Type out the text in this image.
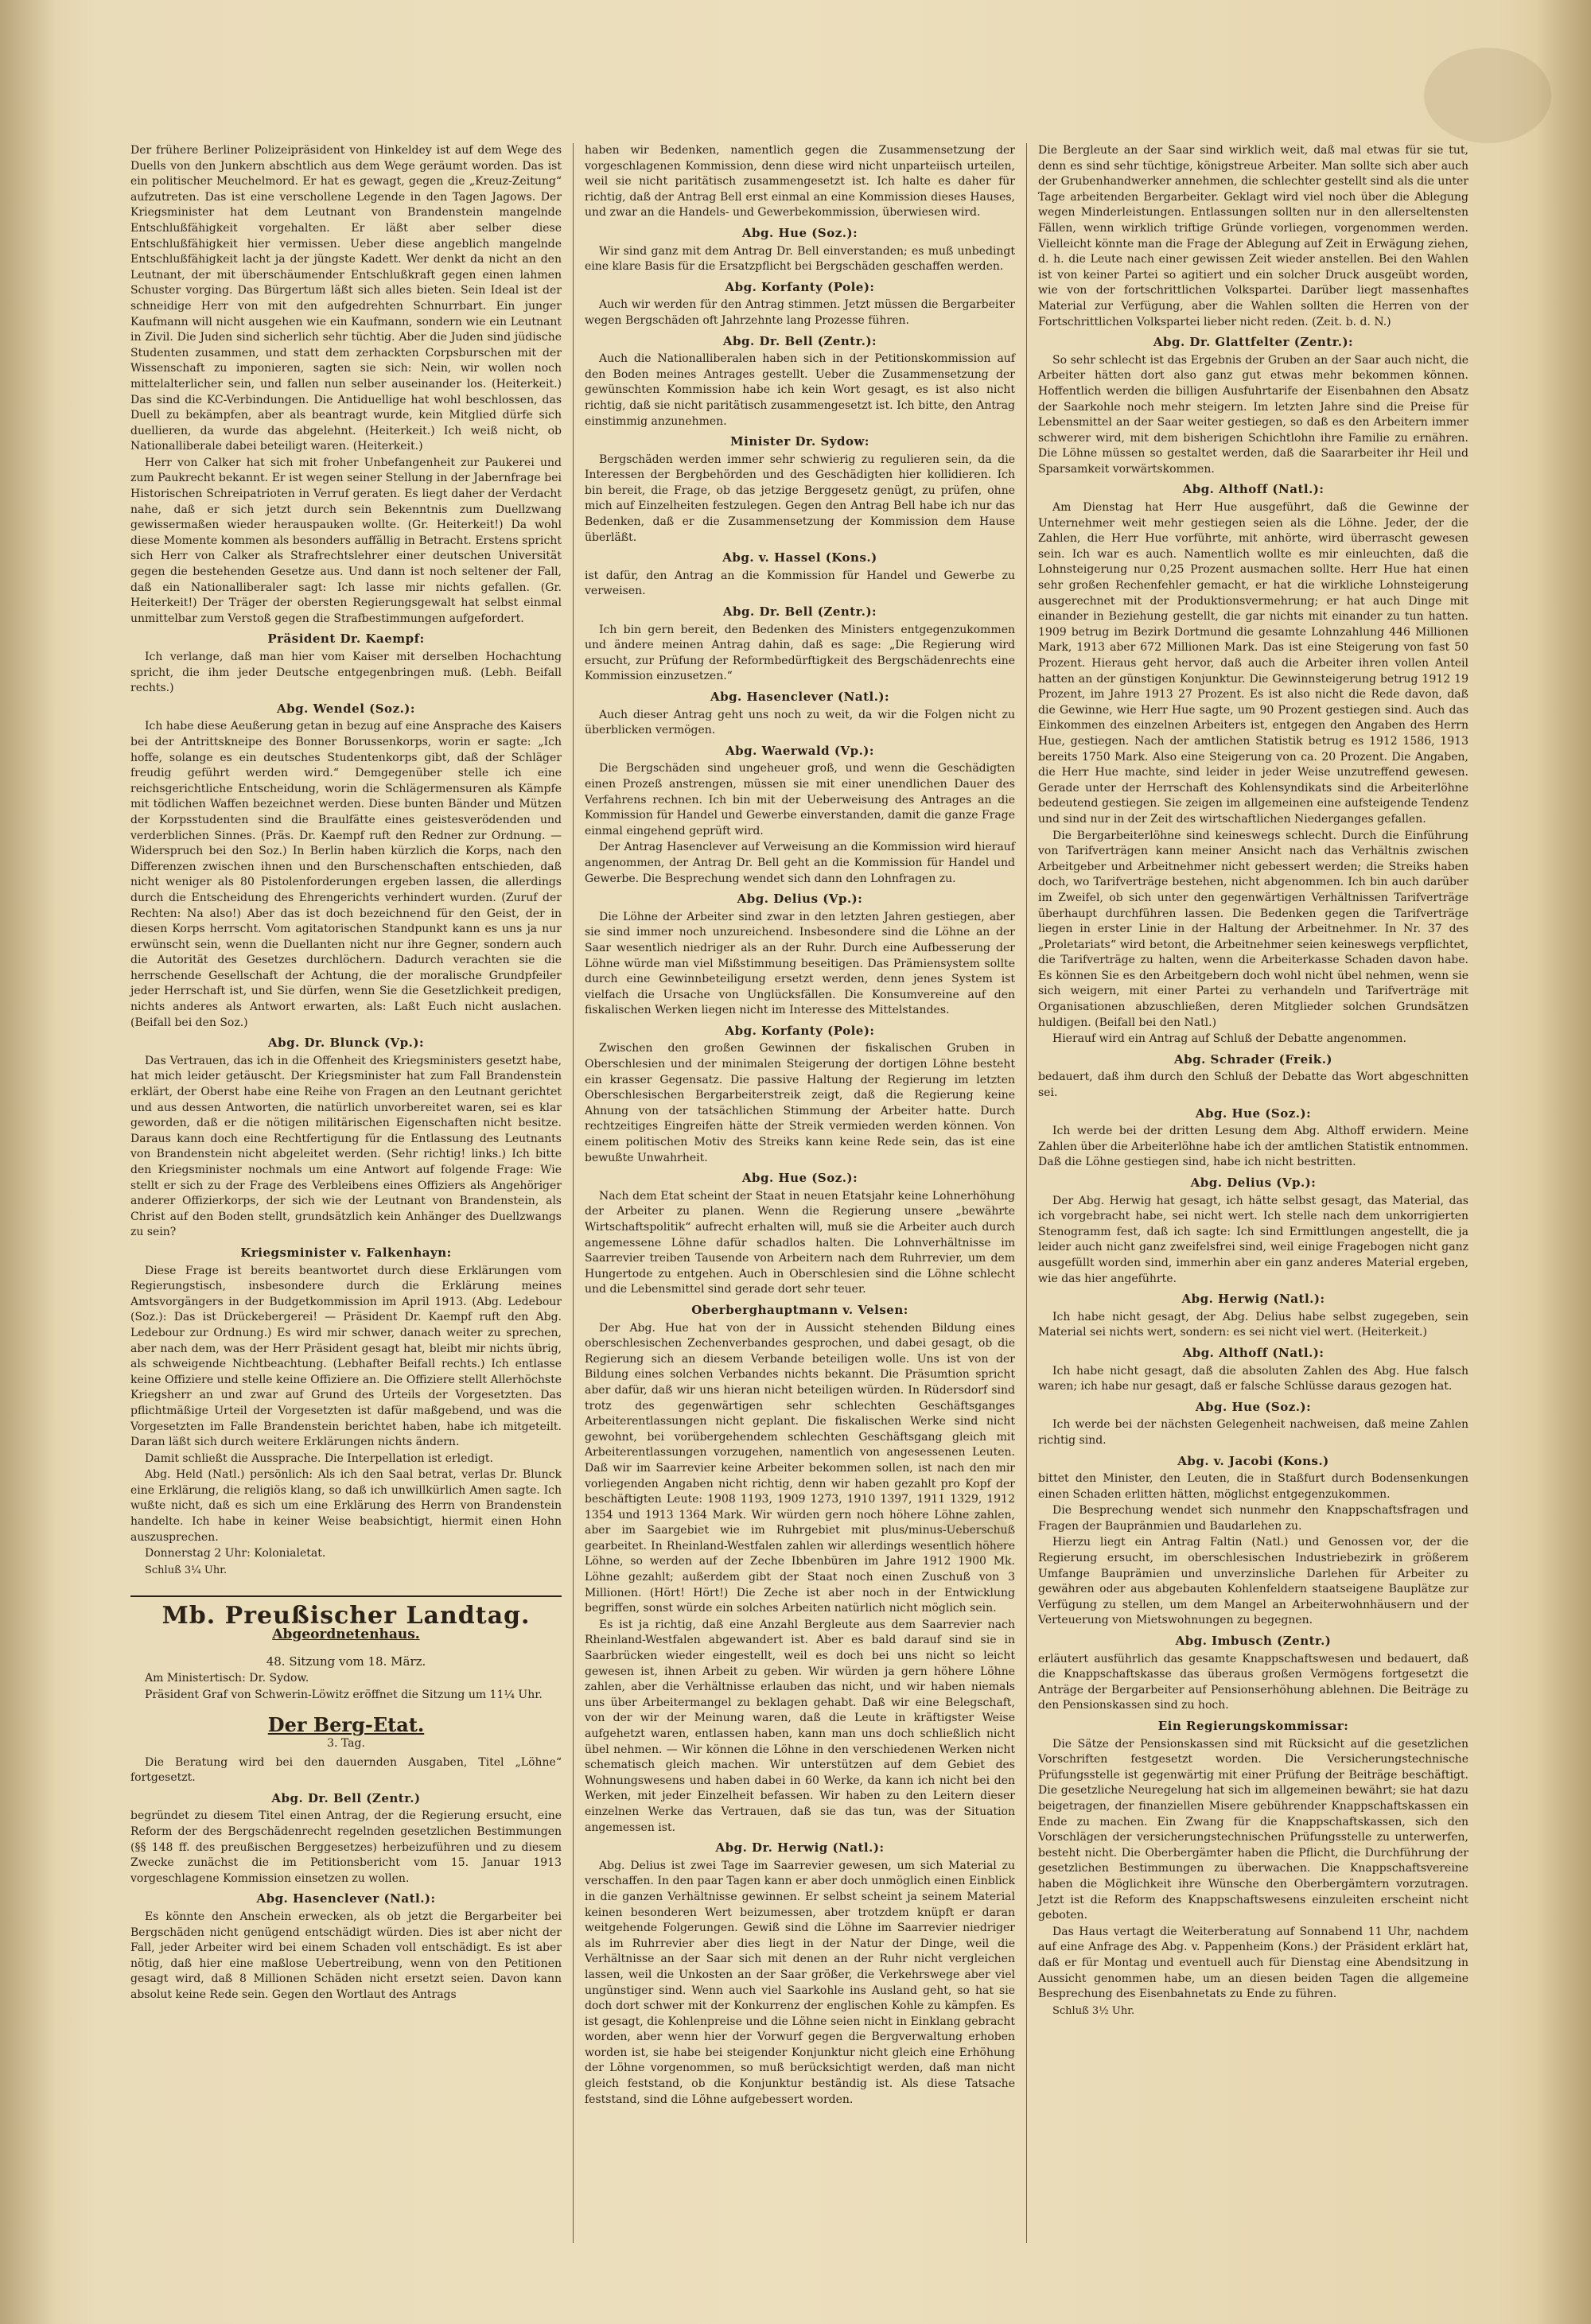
Der frühere Berliner Polizeipräsident von Hinkeldey ist auf dem Wege des Duells von den Junkern abschtlich aus dem Wege geräumt worden. Das ist ein politischer Meuchelmord. Er hat es gewagt, gegen die „Kreuz-Zeitung“ aufzutreten. Das ist eine verschollene Legende in den Tagen Jagows. Der Kriegsminister hat dem Leutnant von Brandenstein mangelnde Entschlußfähigkeit vorgehalten. Er läßt aber selber diese Entschlußfähigkeit hier vermissen. Ueber diese angeblich mangelnde Entschlußfähigkeit lacht ja der jüngste Kadett. Wer denkt da nicht an den Leutnant, der mit überschäumender Entschlußkraft gegen einen lahmen Schuster vorging. Das Bürgertum läßt sich alles bieten. Sein Ideal ist der schneidige Herr von mit den aufgedrehten Schnurrbart. Ein junger Kaufmann will nicht ausgehen wie ein Kaufmann, sondern wie ein Leutnant in Zivil. Die Juden sind sicherlich sehr tüchtig. Aber die Juden sind jüdische Studenten zusammen, und statt dem zerhackten Corpsburschen mit der Wissenschaft zu imponieren, sagten sie sich: Nein, wir wollen noch mittelalterlicher sein, und fallen nun selber auseinander los. (Heiterkeit.) Das sind die KC-Verbindungen. Die Antiduellige hat wohl beschlossen, das Duell zu bekämpfen, aber als beantragt wurde, kein Mitglied dürfe sich duellieren, da wurde das abgelehnt. (Heiterkeit.) Ich weiß nicht, ob Nationalliberale dabei beteiligt waren. (Heiterkeit.)

Herr von Calker hat sich mit froher Unbefangenheit zur Paukerei und zum Paukrecht bekannt. Er ist wegen seiner Stellung in der Jabernfrage bei Historischen Schreipatrioten in Verruf geraten. Es liegt daher der Verdacht nahe, daß er sich jetzt durch sein Bekenntnis zum Duellzwang gewissermaßen wieder herauspauken wollte. (Gr. Heiterkeit!) Da wohl diese Momente kommen als besonders auffällig in Betracht. Erstens spricht sich Herr von Calker als Strafrechtslehrer einer deutschen Universität gegen die bestehenden Gesetze aus. Und dann ist noch seltener der Fall, daß ein Nationalliberaler sagt: Ich lasse mir nichts gefallen. (Gr. Heiterkeit!) Der Träger der obersten Regierungsgewalt hat selbst einmal unmittelbar zum Verstoß gegen die Strafbestimmungen aufgefordert.

Präsident Dr. Kaempf:

Ich verlange, daß man hier vom Kaiser mit derselben Hochachtung spricht, die ihm jeder Deutsche entgegenbringen muß. (Lebh. Beifall rechts.)

Abg. Wendel (Soz.):

Ich habe diese Aeußerung getan in bezug auf eine Ansprache des Kaisers bei der Antrittskneipe des Bonner Borussenkorps, worin er sagte: „Ich hoffe, solange es ein deutsches Studentenkorps gibt, daß der Schläger freudig geführt werden wird.“ Demgegenüber stelle ich eine reichsgerichtliche Entscheidung, worin die Schlägermensuren als Kämpfe mit tödlichen Waffen bezeichnet werden. Diese bunten Bänder und Mützen der Korpsstudenten sind die Braulfätte eines geistesverödenden und verderblichen Sinnes. (Präs. Dr. Kaempf ruft den Redner zur Ordnung. — Widerspruch bei den Soz.) In Berlin haben kürzlich die Korps, nach den Differenzen zwischen ihnen und den Burschenschaften entschieden, daß nicht weniger als 80 Pistolenforderungen ergeben lassen, die allerdings durch die Entscheidung des Ehrengerichts verhindert wurden. (Zuruf der Rechten: Na also!) Aber das ist doch bezeichnend für den Geist, der in diesen Korps herrscht. Vom agitatorischen Standpunkt kann es uns ja nur erwünscht sein, wenn die Duellanten nicht nur ihre Gegner, sondern auch die Autorität des Gesetzes durchlöchern. Dadurch verachten sie die herrschende Gesellschaft der Achtung, die der moralische Grundpfeiler jeder Herrschaft ist, und Sie dürfen, wenn Sie die Gesetzlichkeit predigen, nichts anderes als Antwort erwarten, als: Laßt Euch nicht auslachen. (Beifall bei den Soz.)

Abg. Dr. Blunck (Vp.):

Das Vertrauen, das ich in die Offenheit des Kriegsministers gesetzt habe, hat mich leider getäuscht. Der Kriegsminister hat zum Fall Brandenstein erklärt, der Oberst habe eine Reihe von Fragen an den Leutnant gerichtet und aus dessen Antworten, die natürlich unvorbereitet waren, sei es klar geworden, daß er die nötigen militärischen Eigenschaften nicht besitze. Daraus kann doch eine Rechtfertigung für die Entlassung des Leutnants von Brandenstein nicht abgeleitet werden. (Sehr richtig! links.) Ich bitte den Kriegsminister nochmals um eine Antwort auf folgende Frage: Wie stellt er sich zu der Frage des Verbleibens eines Offiziers als Angehöriger anderer Offizierkorps, der sich wie der Leutnant von Brandenstein, als Christ auf den Boden stellt, grundsätzlich kein Anhänger des Duellzwangs zu sein?

Kriegsminister v. Falkenhayn:

Diese Frage ist bereits beantwortet durch diese Erklärungen vom Regierungstisch, insbesondere durch die Erklärung meines Amtsvorgängers in der Budgetkommission im April 1913. (Abg. Ledebour (Soz.): Das ist Drückebergerei! — Präsident Dr. Kaempf ruft den Abg. Ledebour zur Ordnung.) Es wird mir schwer, danach weiter zu sprechen, aber nach dem, was der Herr Präsident gesagt hat, bleibt mir nichts übrig, als schweigende Nichtbeachtung. (Lebhafter Beifall rechts.) Ich entlasse keine Offiziere und stelle keine Offiziere an. Die Offiziere stellt Allerhöchste Kriegsherr an und zwar auf Grund des Urteils der Vorgesetzten. Das pflichtmäßige Urteil der Vorgesetzten ist dafür maßgebend, und was die Vorgesetzten im Falle Brandenstein berichtet haben, habe ich mitgeteilt. Daran läßt sich durch weitere Erklärungen nichts ändern.

Damit schließt die Aussprache. Die Interpellation ist erledigt.

Abg. Held (Natl.) persönlich: Als ich den Saal betrat, verlas Dr. Blunck eine Erklärung, die religiös klang, so daß ich unwillkürlich Amen sagte. Ich wußte nicht, daß es sich um eine Erklärung des Herrn von Brandenstein handelte. Ich habe in keiner Weise beabsichtigt, hiermit einen Hohn auszusprechen.

Donnerstag 2 Uhr: Kolonialetat.

Schluß 3¼ Uhr.

Mb. Preußischer Landtag.
Abgeordnetenhaus.
48. Sitzung vom 18. März.

Am Ministertisch: Dr. Sydow.

Präsident Graf von Schwerin-Löwitz eröffnet die Sitzung um 11¼ Uhr.

Der Berg-Etat.
3. Tag.

Die Beratung wird bei den dauernden Ausgaben, Titel „Löhne“ fortgesetzt.

Abg. Dr. Bell (Zentr.)

begründet zu diesem Titel einen Antrag, der die Regierung ersucht, eine Reform der des Bergschädenrecht regelnden gesetzlichen Bestimmungen (§§ 148 ff. des preußischen Berggesetzes) herbeizuführen und zu diesem Zwecke zunächst die im Petitionsbericht vom 15. Januar 1913 vorgeschlagene Kommission einsetzen zu wollen.

Abg. Hasenclever (Natl.):

Es könnte den Anschein erwecken, als ob jetzt die Bergarbeiter bei Bergschäden nicht genügend entschädigt würden. Dies ist aber nicht der Fall, jeder Arbeiter wird bei einem Schaden voll entschädigt. Es ist aber nötig, daß hier eine maßlose Uebertreibung, wenn von den Petitionen gesagt wird, daß 8 Millionen Schäden nicht ersetzt seien. Davon kann absolut keine Rede sein. Gegen den Wortlaut des Antrags

haben wir Bedenken, namentlich gegen die Zusammensetzung der vorgeschlagenen Kommission, denn diese wird nicht unparteiisch urteilen, weil sie nicht paritätisch zusammengesetzt ist. Ich halte es daher für richtig, daß der Antrag Bell erst einmal an eine Kommission dieses Hauses, und zwar an die Handels- und Gewerbekommission, überwiesen wird.

Abg. Hue (Soz.):

Wir sind ganz mit dem Antrag Dr. Bell einverstanden; es muß unbedingt eine klare Basis für die Ersatzpflicht bei Bergschäden geschaffen werden.

Abg. Korfanty (Pole):

Auch wir werden für den Antrag stimmen. Jetzt müssen die Bergarbeiter wegen Bergschäden oft Jahrzehnte lang Prozesse führen.

Abg. Dr. Bell (Zentr.):

Auch die Nationalliberalen haben sich in der Petitionskommission auf den Boden meines Antrages gestellt. Ueber die Zusammensetzung der gewünschten Kommission habe ich kein Wort gesagt, es ist also nicht richtig, daß sie nicht paritätisch zusammengesetzt ist. Ich bitte, den Antrag einstimmig anzunehmen.

Minister Dr. Sydow:

Bergschäden werden immer sehr schwierig zu regulieren sein, da die Interessen der Bergbehörden und des Geschädigten hier kollidieren. Ich bin bereit, die Frage, ob das jetzige Berggesetz genügt, zu prüfen, ohne mich auf Einzelheiten festzulegen. Gegen den Antrag Bell habe ich nur das Bedenken, daß er die Zusammensetzung der Kommission dem Hause überläßt.

Abg. v. Hassel (Kons.)

ist dafür, den Antrag an die Kommission für Handel und Gewerbe zu verweisen.

Abg. Dr. Bell (Zentr.):

Ich bin gern bereit, den Bedenken des Ministers entgegenzukommen und ändere meinen Antrag dahin, daß es sage: „Die Regierung wird ersucht, zur Prüfung der Reformbedürftigkeit des Bergschädenrechts eine Kommission einzusetzen.“

Abg. Hasenclever (Natl.):

Auch dieser Antrag geht uns noch zu weit, da wir die Folgen nicht zu überblicken vermögen.

Abg. Waerwald (Vp.):

Die Bergschäden sind ungeheuer groß, und wenn die Geschädigten einen Prozeß anstrengen, müssen sie mit einer unendlichen Dauer des Verfahrens rechnen. Ich bin mit der Ueberweisung des Antrages an die Kommission für Handel und Gewerbe einverstanden, damit die ganze Frage einmal eingehend geprüft wird.

Der Antrag Hasenclever auf Verweisung an die Kommission wird hierauf angenommen, der Antrag Dr. Bell geht an die Kommission für Handel und Gewerbe. Die Besprechung wendet sich dann den Lohnfragen zu.

Abg. Delius (Vp.):

Die Löhne der Arbeiter sind zwar in den letzten Jahren gestiegen, aber sie sind immer noch unzureichend. Insbesondere sind die Löhne an der Saar wesentlich niedriger als an der Ruhr. Durch eine Aufbesserung der Löhne würde man viel Mißstimmung beseitigen. Das Prämiensystem sollte durch eine Gewinnbeteiligung ersetzt werden, denn jenes System ist vielfach die Ursache von Unglücksfällen. Die Konsumvereine auf den fiskalischen Werken liegen nicht im Interesse des Mittelstandes.

Abg. Korfanty (Pole):

Zwischen den großen Gewinnen der fiskalischen Gruben in Oberschlesien und der minimalen Steigerung der dortigen Löhne besteht ein krasser Gegensatz. Die passive Haltung der Regierung im letzten Oberschlesischen Bergarbeiterstreik zeigt, daß die Regierung keine Ahnung von der tatsächlichen Stimmung der Arbeiter hatte. Durch rechtzeitiges Eingreifen hätte der Streik vermieden werden können. Von einem politischen Motiv des Streiks kann keine Rede sein, das ist eine bewußte Unwahrheit.

Abg. Hue (Soz.):

Nach dem Etat scheint der Staat in neuen Etatsjahr keine Lohnerhöhung der Arbeiter zu planen. Wenn die Regierung unsere „bewährte Wirtschaftspolitik“ aufrecht erhalten will, muß sie die Arbeiter auch durch angemessene Löhne dafür schadlos halten. Die Lohnverhältnisse im Saarrevier treiben Tausende von Arbeitern nach dem Ruhrrevier, um dem Hungertode zu entgehen. Auch in Oberschlesien sind die Löhne schlecht und die Lebensmittel sind gerade dort sehr teuer.

Oberberghauptmann v. Velsen:

Der Abg. Hue hat von der in Aussicht stehenden Bildung eines oberschlesischen Zechenverbandes gesprochen, und dabei gesagt, ob die Regierung sich an diesem Verbande beteiligen wolle. Uns ist von der Bildung eines solchen Verbandes nichts bekannt. Die Präsumtion spricht aber dafür, daß wir uns hieran nicht beteiligen würden. In Rüdersdorf sind trotz des gegenwärtigen sehr schlechten Geschäftsganges Arbeiterentlassungen nicht geplant. Die fiskalischen Werke sind nicht gewohnt, bei vorübergehendem schlechten Geschäftsgang gleich mit Arbeiterentlassungen vorzugehen, namentlich von angesessenen Leuten. Daß wir im Saarrevier keine Arbeiter bekommen sollen, ist nach den mir vorliegenden Angaben nicht richtig, denn wir haben gezahlt pro Kopf der beschäftigten Leute: 1908 1193, 1909 1273, 1910 1397, 1911 1329, 1912 1354 und 1913 1364 Mark. Wir würden gern noch höhere Löhne zahlen, aber im Saargebiet wie im Ruhrgebiet mit plus/minus-Ueberschuß gearbeitet. In Rheinland-Westfalen zahlen wir allerdings wesentlich höhere Löhne, so werden auf der Zeche Ibbenbüren im Jahre 1912 1900 Mk. Löhne gezahlt; außerdem gibt der Staat noch einen Zuschuß von 3 Millionen. (Hört! Hört!) Die Zeche ist aber noch in der Entwicklung begriffen, sonst würde ein solches Arbeiten natürlich nicht möglich sein.

Es ist ja richtig, daß eine Anzahl Bergleute aus dem Saarrevier nach Rheinland-Westfalen abgewandert ist. Aber es bald darauf sind sie in Saarbrücken wieder eingestellt, weil es doch bei uns nicht so leicht gewesen ist, ihnen Arbeit zu geben. Wir würden ja gern höhere Löhne zahlen, aber die Verhältnisse erlauben das nicht, und wir haben niemals uns über Arbeitermangel zu beklagen gehabt. Daß wir eine Belegschaft, von der wir der Meinung waren, daß die Leute in kräftigster Weise aufgehetzt waren, entlassen haben, kann man uns doch schließlich nicht übel nehmen. — Wir können die Löhne in den verschiedenen Werken nicht schematisch gleich machen. Wir unterstützen auf dem Gebiet des Wohnungswesens und haben dabei in 60 Werke, da kann ich nicht bei den Werken, mit jeder Einzelheit befassen. Wir haben zu den Leitern dieser einzelnen Werke das Vertrauen, daß sie das tun, was der Situation angemessen ist.

Abg. Dr. Herwig (Natl.):

Abg. Delius ist zwei Tage im Saarrevier gewesen, um sich Material zu verschaffen. In den paar Tagen kann er aber doch unmöglich einen Einblick in die ganzen Verhältnisse gewinnen. Er selbst scheint ja seinem Material keinen besonderen Wert beizumessen, aber trotzdem knüpft er daran weitgehende Folgerungen. Gewiß sind die Löhne im Saarrevier niedriger als im Ruhrrevier aber dies liegt in der Natur der Dinge, weil die Verhältnisse an der Saar sich mit denen an der Ruhr nicht vergleichen lassen, weil die Unkosten an der Saar größer, die Verkehrswege aber viel ungünstiger sind. Wenn auch viel Saarkohle ins Ausland geht, so hat sie doch dort schwer mit der Konkurrenz der englischen Kohle zu kämpfen. Es ist gesagt, die Kohlenpreise und die Löhne seien nicht in Einklang gebracht worden, aber wenn hier der Vorwurf gegen die Bergverwaltung erhoben worden ist, sie habe bei steigender Konjunktur nicht gleich eine Erhöhung der Löhne vorgenommen, so muß berücksichtigt werden, daß man nicht gleich feststand, ob die Konjunktur beständig ist. Als diese Tatsache feststand, sind die Löhne aufgebessert worden.

Die Bergleute an der Saar sind wirklich weit, daß mal etwas für sie tut, denn es sind sehr tüchtige, königstreue Arbeiter. Man sollte sich aber auch der Grubenhandwerker annehmen, die schlechter gestellt sind als die unter Tage arbeitenden Bergarbeiter. Geklagt wird viel noch über die Ablegung wegen Minderleistungen. Entlassungen sollten nur in den allerseltensten Fällen, wenn wirklich triftige Gründe vorliegen, vorgenommen werden. Vielleicht könnte man die Frage der Ablegung auf Zeit in Erwägung ziehen, d. h. die Leute nach einer gewissen Zeit wieder anstellen. Bei den Wahlen ist von keiner Partei so agitiert und ein solcher Druck ausgeübt worden, wie von der fortschrittlichen Volkspartei. Darüber liegt massenhaftes Material zur Verfügung, aber die Wahlen sollten die Herren von der Fortschrittlichen Volkspartei lieber nicht reden. (Zeit. b. d. N.)

Abg. Dr. Glattfelter (Zentr.):

So sehr schlecht ist das Ergebnis der Gruben an der Saar auch nicht, die Arbeiter hätten dort also ganz gut etwas mehr bekommen können. Hoffentlich werden die billigen Ausfuhrtarife der Eisenbahnen den Absatz der Saarkohle noch mehr steigern. Im letzten Jahre sind die Preise für Lebensmittel an der Saar weiter gestiegen, so daß es den Arbeitern immer schwerer wird, mit dem bisherigen Schichtlohn ihre Familie zu ernähren. Die Löhne müssen so gestaltet werden, daß die Saararbeiter ihr Heil und Sparsamkeit vorwärtskommen.

Abg. Althoff (Natl.):

Am Dienstag hat Herr Hue ausgeführt, daß die Gewinne der Unternehmer weit mehr gestiegen seien als die Löhne. Jeder, der die Zahlen, die Herr Hue vorführte, mit anhörte, wird überrascht gewesen sein. Ich war es auch. Namentlich wollte es mir einleuchten, daß die Lohnsteigerung nur 0,25 Prozent ausmachen sollte. Herr Hue hat einen sehr großen Rechenfehler gemacht, er hat die wirkliche Lohnsteigerung ausgerechnet mit der Produktionsvermehrung; er hat auch Dinge mit einander in Beziehung gestellt, die gar nichts mit einander zu tun hatten. 1909 betrug im Bezirk Dortmund die gesamte Lohnzahlung 446 Millionen Mark, 1913 aber 672 Millionen Mark. Das ist eine Steigerung von fast 50 Prozent. Hieraus geht hervor, daß auch die Arbeiter ihren vollen Anteil hatten an der günstigen Konjunktur. Die Gewinnsteigerung betrug 1912 19 Prozent, im Jahre 1913 27 Prozent. Es ist also nicht die Rede davon, daß die Gewinne, wie Herr Hue sagte, um 90 Prozent gestiegen sind. Auch das Einkommen des einzelnen Arbeiters ist, entgegen den Angaben des Herrn Hue, gestiegen. Nach der amtlichen Statistik betrug es 1912 1586, 1913 bereits 1750 Mark. Also eine Steigerung von ca. 20 Prozent. Die Angaben, die Herr Hue machte, sind leider in jeder Weise unzutreffend gewesen. Gerade unter der Herrschaft des Kohlensyndikats sind die Arbeiterlöhne bedeutend gestiegen. Sie zeigen im allgemeinen eine aufsteigende Tendenz und sind nur in der Zeit des wirtschaftlichen Niederganges gefallen.

Die Bergarbeiterlöhne sind keineswegs schlecht. Durch die Einführung von Tarifverträgen kann meiner Ansicht nach das Verhältnis zwischen Arbeitgeber und Arbeitnehmer nicht gebessert werden; die Streiks haben doch, wo Tarifverträge bestehen, nicht abgenommen. Ich bin auch darüber im Zweifel, ob sich unter den gegenwärtigen Verhältnissen Tarifverträge überhaupt durchführen lassen. Die Bedenken gegen die Tarifverträge liegen in erster Linie in der Haltung der Arbeitnehmer. In Nr. 37 des „Proletariats“ wird betont, die Arbeitnehmer seien keineswegs verpflichtet, die Tarifverträge zu halten, wenn die Arbeiterkasse Schaden davon habe. Es können Sie es den Arbeitgebern doch wohl nicht übel nehmen, wenn sie sich weigern, mit einer Partei zu verhandeln und Tarifverträge mit Organisationen abzuschließen, deren Mitglieder solchen Grundsätzen huldigen. (Beifall bei den Natl.)

Hierauf wird ein Antrag auf Schluß der Debatte angenommen.

Abg. Schrader (Freik.)

bedauert, daß ihm durch den Schluß der Debatte das Wort abgeschnitten sei.

Abg. Hue (Soz.):

Ich werde bei der dritten Lesung dem Abg. Althoff erwidern. Meine Zahlen über die Arbeiterlöhne habe ich der amtlichen Statistik entnommen. Daß die Löhne gestiegen sind, habe ich nicht bestritten.

Abg. Delius (Vp.):

Der Abg. Herwig hat gesagt, ich hätte selbst gesagt, das Material, das ich vorgebracht habe, sei nicht wert. Ich stelle nach dem unkorrigierten Stenogramm fest, daß ich sagte: Ich sind Ermittlungen angestellt, die ja leider auch nicht ganz zweifelsfrei sind, weil einige Fragebogen nicht ganz ausgefüllt worden sind, immerhin aber ein ganz anderes Material ergeben, wie das hier angeführte.

Abg. Herwig (Natl.):

Ich habe nicht gesagt, der Abg. Delius habe selbst zugegeben, sein Material sei nichts wert, sondern: es sei nicht viel wert. (Heiterkeit.)

Abg. Althoff (Natl.):

Ich habe nicht gesagt, daß die absoluten Zahlen des Abg. Hue falsch waren; ich habe nur gesagt, daß er falsche Schlüsse daraus gezogen hat.

Abg. Hue (Soz.):

Ich werde bei der nächsten Gelegenheit nachweisen, daß meine Zahlen richtig sind.

Abg. v. Jacobi (Kons.)

bittet den Minister, den Leuten, die in Staßfurt durch Bodensenkungen einen Schaden erlitten hätten, möglichst entgegenzukommen.

Die Besprechung wendet sich nunmehr den Knappschaftsfragen und Fragen der Baupränmien und Baudarlehen zu.

Hierzu liegt ein Antrag Faltin (Natl.) und Genossen vor, der die Regierung ersucht, im oberschlesischen Industriebezirk in größerem Umfange Bauprämien und unverzinsliche Darlehen für Arbeiter zu gewähren oder aus abgebauten Kohlenfeldern staatseigene Bauplätze zur Verfügung zu stellen, um dem Mangel an Arbeiterwohnhäusern und der Verteuerung von Mietswohnungen zu begegnen.

Abg. Imbusch (Zentr.)

erläutert ausführlich das gesamte Knappschaftswesen und bedauert, daß die Knappschaftskasse das überaus großen Vermögens fortgesetzt die Anträge der Bergarbeiter auf Pensionserhöhung ablehnen. Die Beiträge zu den Pensionskassen sind zu hoch.

Ein Regierungskommissar:

Die Sätze der Pensionskassen sind mit Rücksicht auf die gesetzlichen Vorschriften festgesetzt worden. Die Versicherungstechnische Prüfungsstelle ist gegenwärtig mit einer Prüfung der Beiträge beschäftigt. Die gesetzliche Neuregelung hat sich im allgemeinen bewährt; sie hat dazu beigetragen, der finanziellen Misere gebührender Knappschaftskassen ein Ende zu machen. Ein Zwang für die Knappschaftskassen, sich den Vorschlägen der versicherungstechnischen Prüfungsstelle zu unterwerfen, besteht nicht. Die Oberbergämter haben die Pflicht, die Durchführung der gesetzlichen Bestimmungen zu überwachen. Die Knappschaftsvereine haben die Möglichkeit ihre Wünsche den Oberbergämtern vorzutragen. Jetzt ist die Reform des Knappschaftswesens einzuleiten erscheint nicht geboten.

Das Haus vertagt die Weiterberatung auf Sonnabend 11 Uhr, nachdem auf eine Anfrage des Abg. v. Pappenheim (Kons.) der Präsident erklärt hat, daß er für Montag und eventuell auch für Dienstag eine Abendsitzung in Aussicht genommen habe, um an diesen beiden Tagen die allgemeine Besprechung des Eisenbahnetats zu Ende zu führen.

Schluß 3½ Uhr.
